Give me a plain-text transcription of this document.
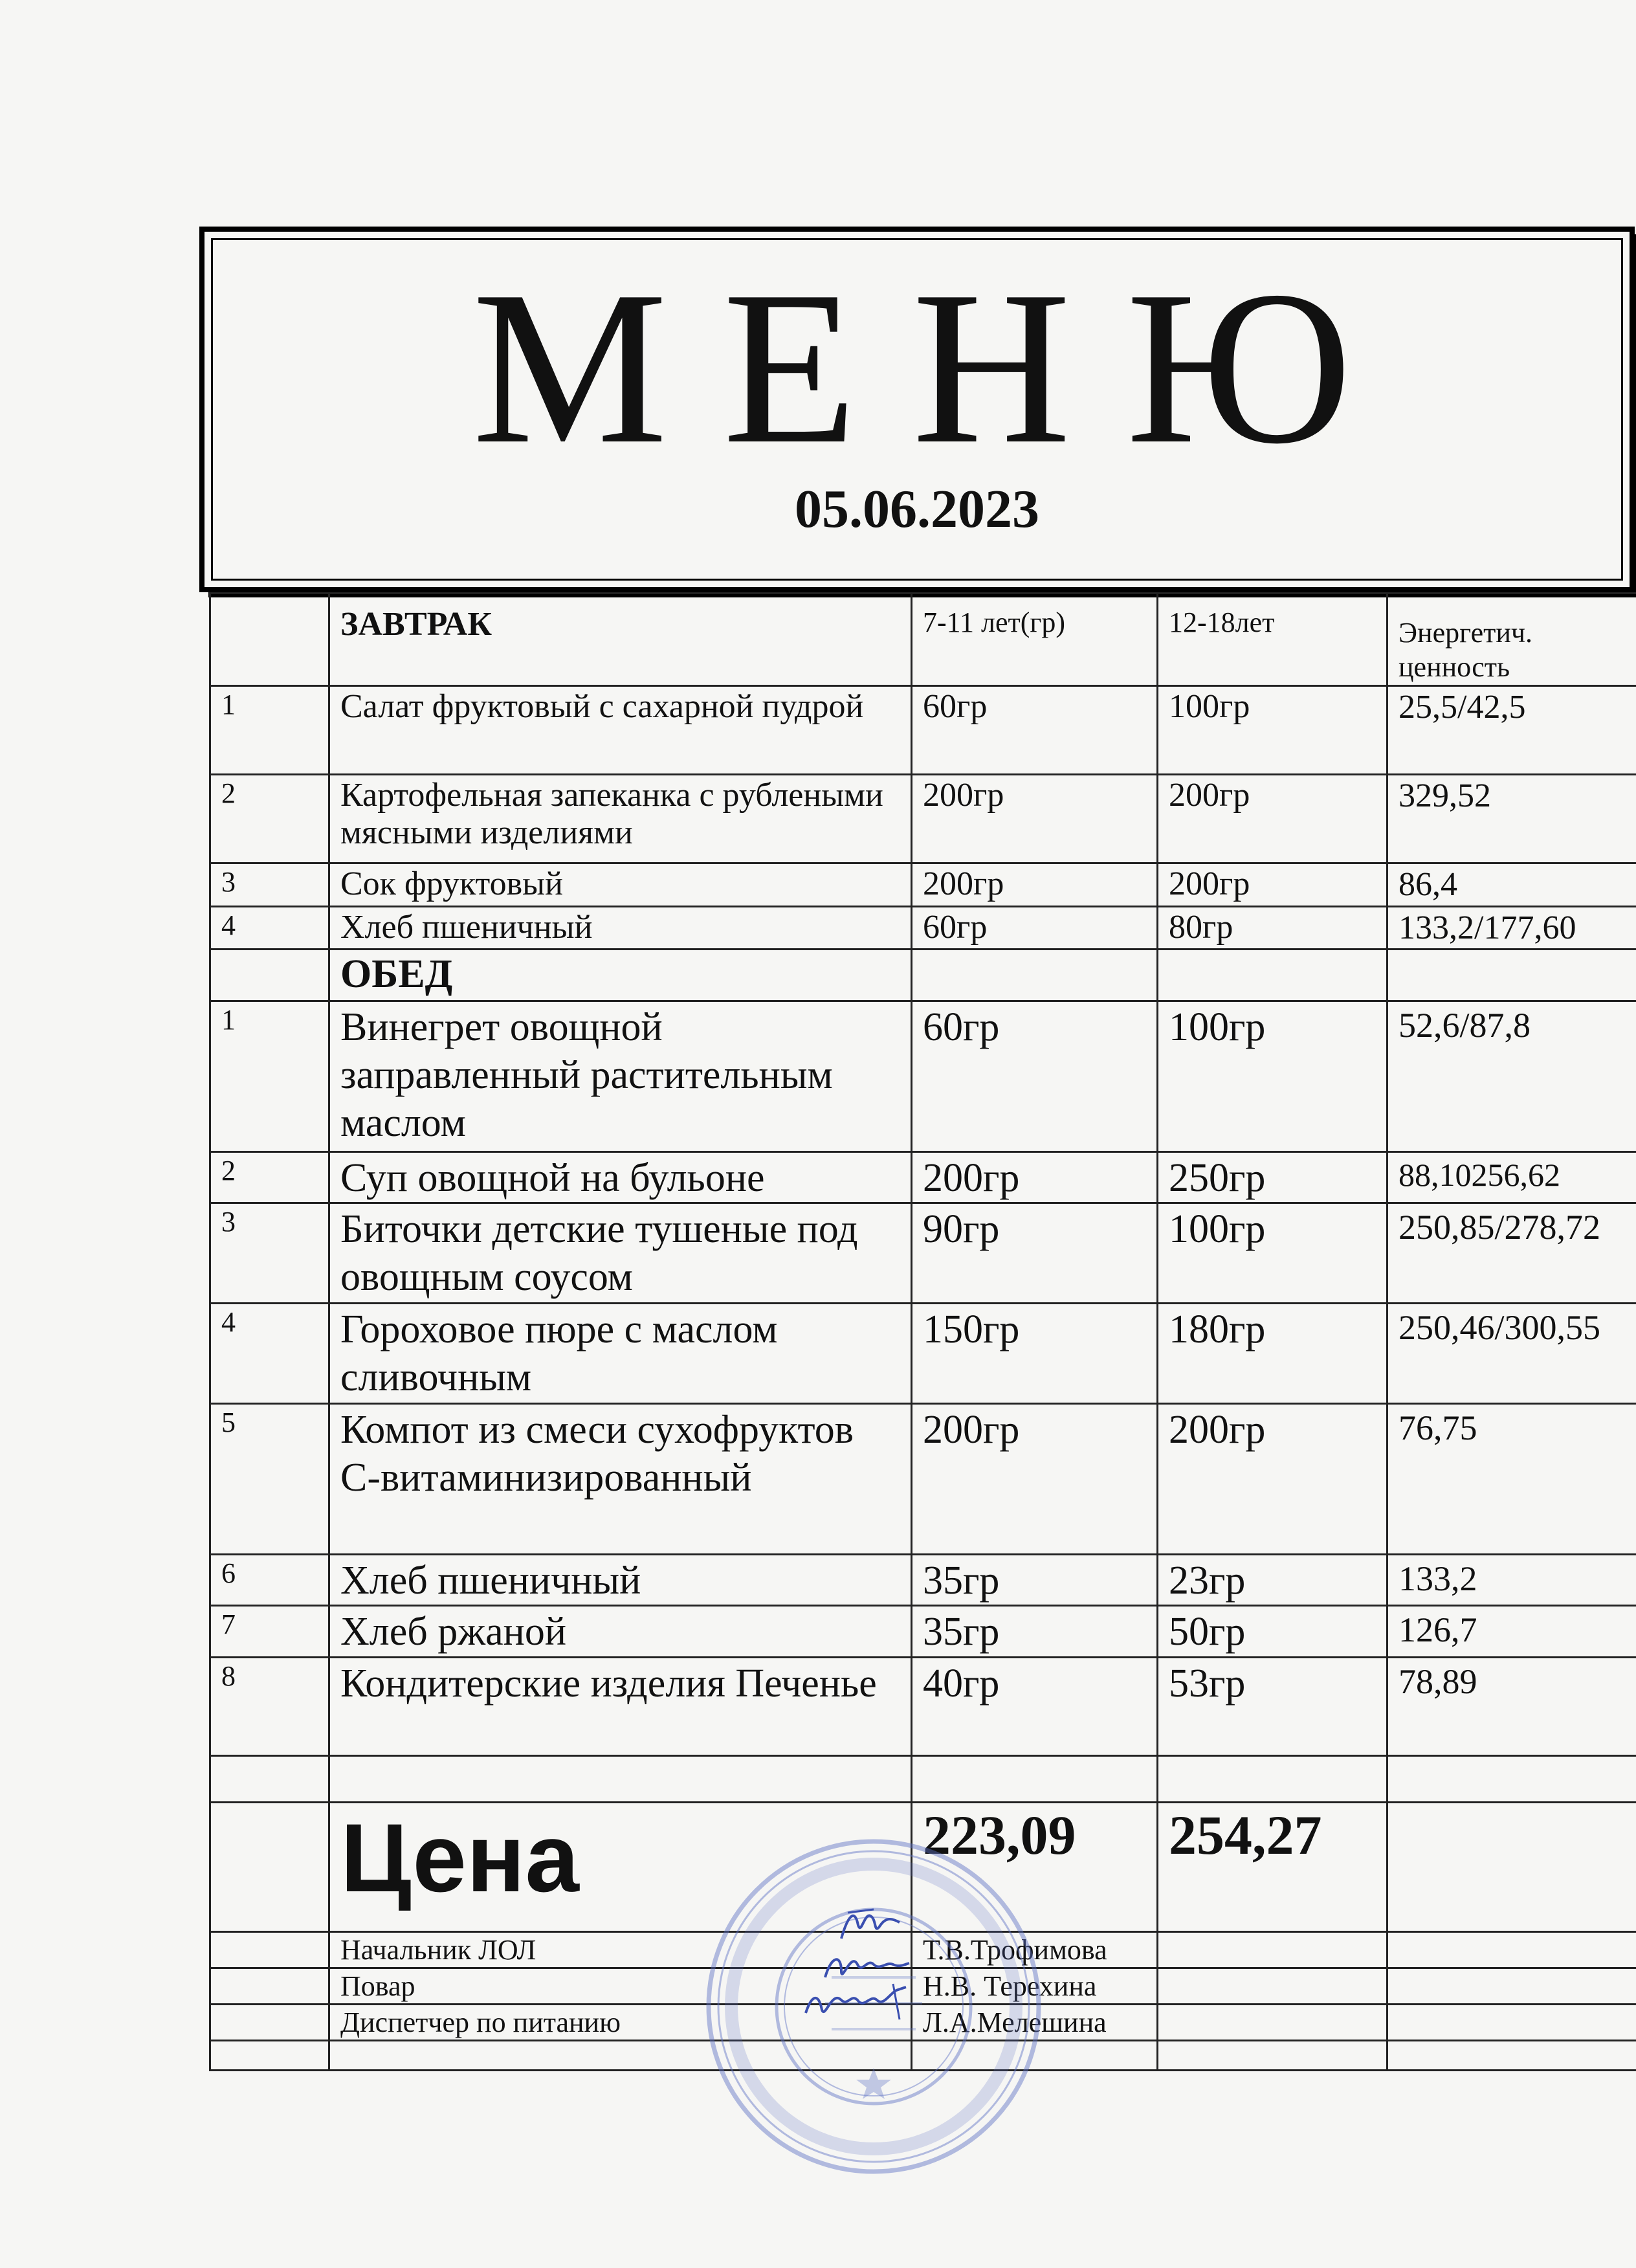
МЕНЮ
05.06.2023
	ЗАВТРАК	7-11 лет(гр)	12-18лет	Энергетич. ценность
1	Салат фруктовый с сахарной пудрой	60гр	100гр	25,5/42,5
2	Картофельная запеканка с рублеными мясными изделиями	200гр	200гр	329,52
3	Сок фруктовый	200гр	200гр	86,4
4	Хлеб пшеничный	60гр	80гр	133,2/177,60
	ОБЕД			
1	Винегрет овощной заправленный растительным маслом	60гр	100гр	52,6/87,8
2	Суп овощной на бульоне	200гр	250гр	88,10256,62
3	Биточки детские тушеные под овощным соусом	90гр	100гр	250,85/278,72
4	Гороховое пюре с маслом сливочным	150гр	180гр	250,46/300,55
5	Компот из смеси сухофруктов С-витаминизированный	200гр	200гр	76,75
6	Хлеб пшеничный	35гр	23гр	133,2
7	Хлеб ржаной	35гр	50гр	126,7
8	Кондитерские изделия Печенье	40гр	53гр	78,89

	Цена	223,09	254,27	
	Начальник ЛОЛ	Т.В.Трофимова		
	Повар	Н.В. Терехина		
	Диспетчер по питанию	Л.А.Мелешина		
